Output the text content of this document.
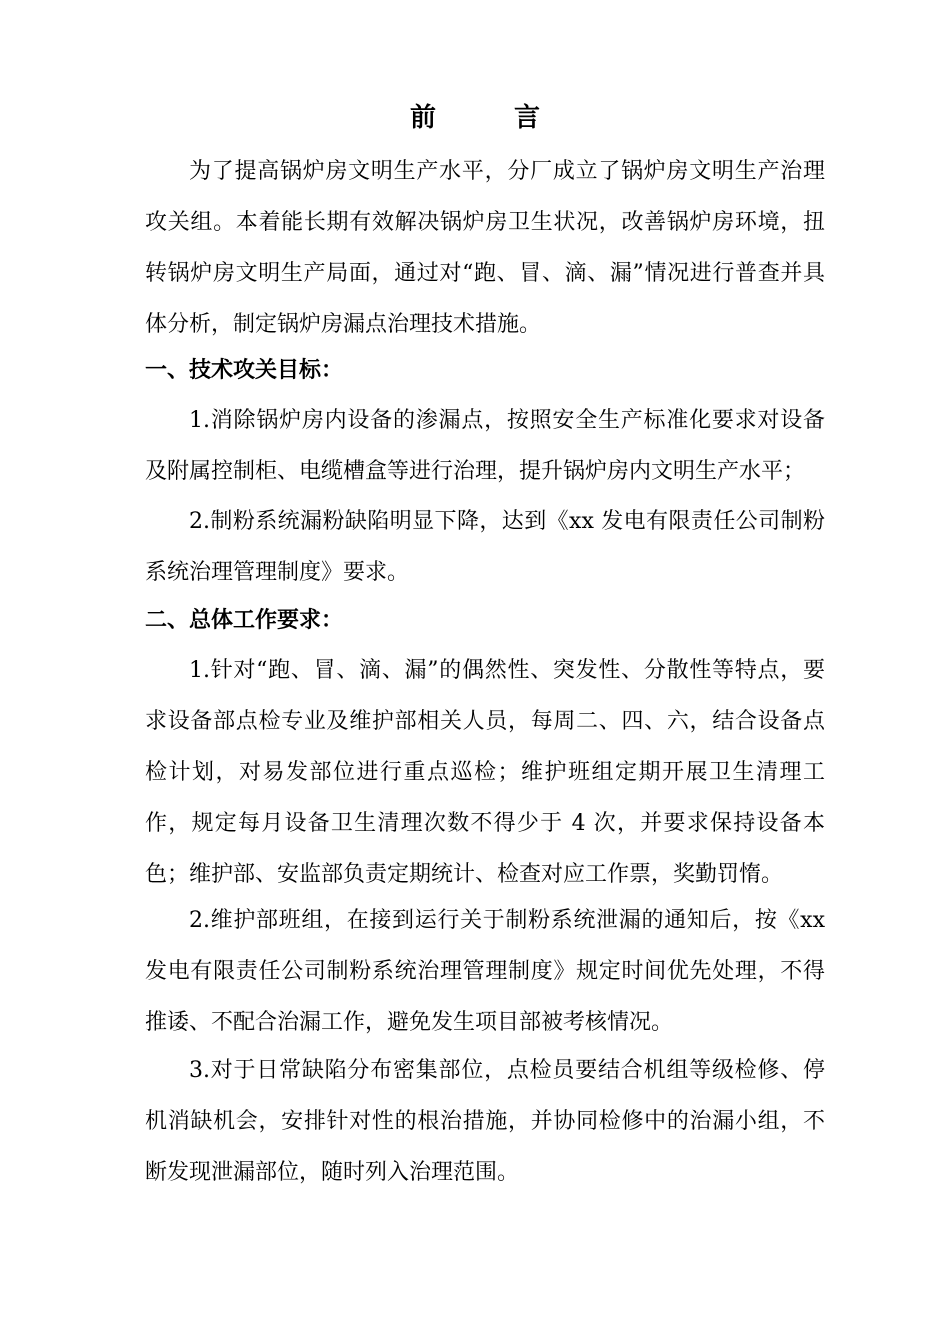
前　言

为了提高锅炉房文明生产水平，分厂成立了锅炉房文明生产治理攻关组。本着能长期有效解决锅炉房卫生状况，改善锅炉房环境，扭转锅炉房文明生产局面，通过对“跑、冒、滴、漏”情况进行普查并具体分析，制定锅炉房漏点治理技术措施。

一、技术攻关目标：

1.消除锅炉房内设备的渗漏点，按照安全生产标准化要求对设备及附属控制柜、电缆槽盒等进行治理，提升锅炉房内文明生产水平；

2.制粉系统漏粉缺陷明显下降，达到《xx 发电有限责任公司制粉系统治理管理制度》要求。

二、总体工作要求：

1.针对“跑、冒、滴、漏”的偶然性、突发性、分散性等特点，要求设备部点检专业及维护部相关人员，每周二、四、六，结合设备点检计划，对易发部位进行重点巡检；维护班组定期开展卫生清理工作，规定每月设备卫生清理次数不得少于 4 次，并要求保持设备本色；维护部、安监部负责定期统计、检查对应工作票，奖勤罚惰。

2.维护部班组，在接到运行关于制粉系统泄漏的通知后，按《xx 发电有限责任公司制粉系统治理管理制度》规定时间优先处理，不得推诿、不配合治漏工作，避免发生项目部被考核情况。

3.对于日常缺陷分布密集部位，点检员要结合机组等级检修、停机消缺机会，安排针对性的根治措施，并协同检修中的治漏小组，不断发现泄漏部位，随时列入治理范围。
